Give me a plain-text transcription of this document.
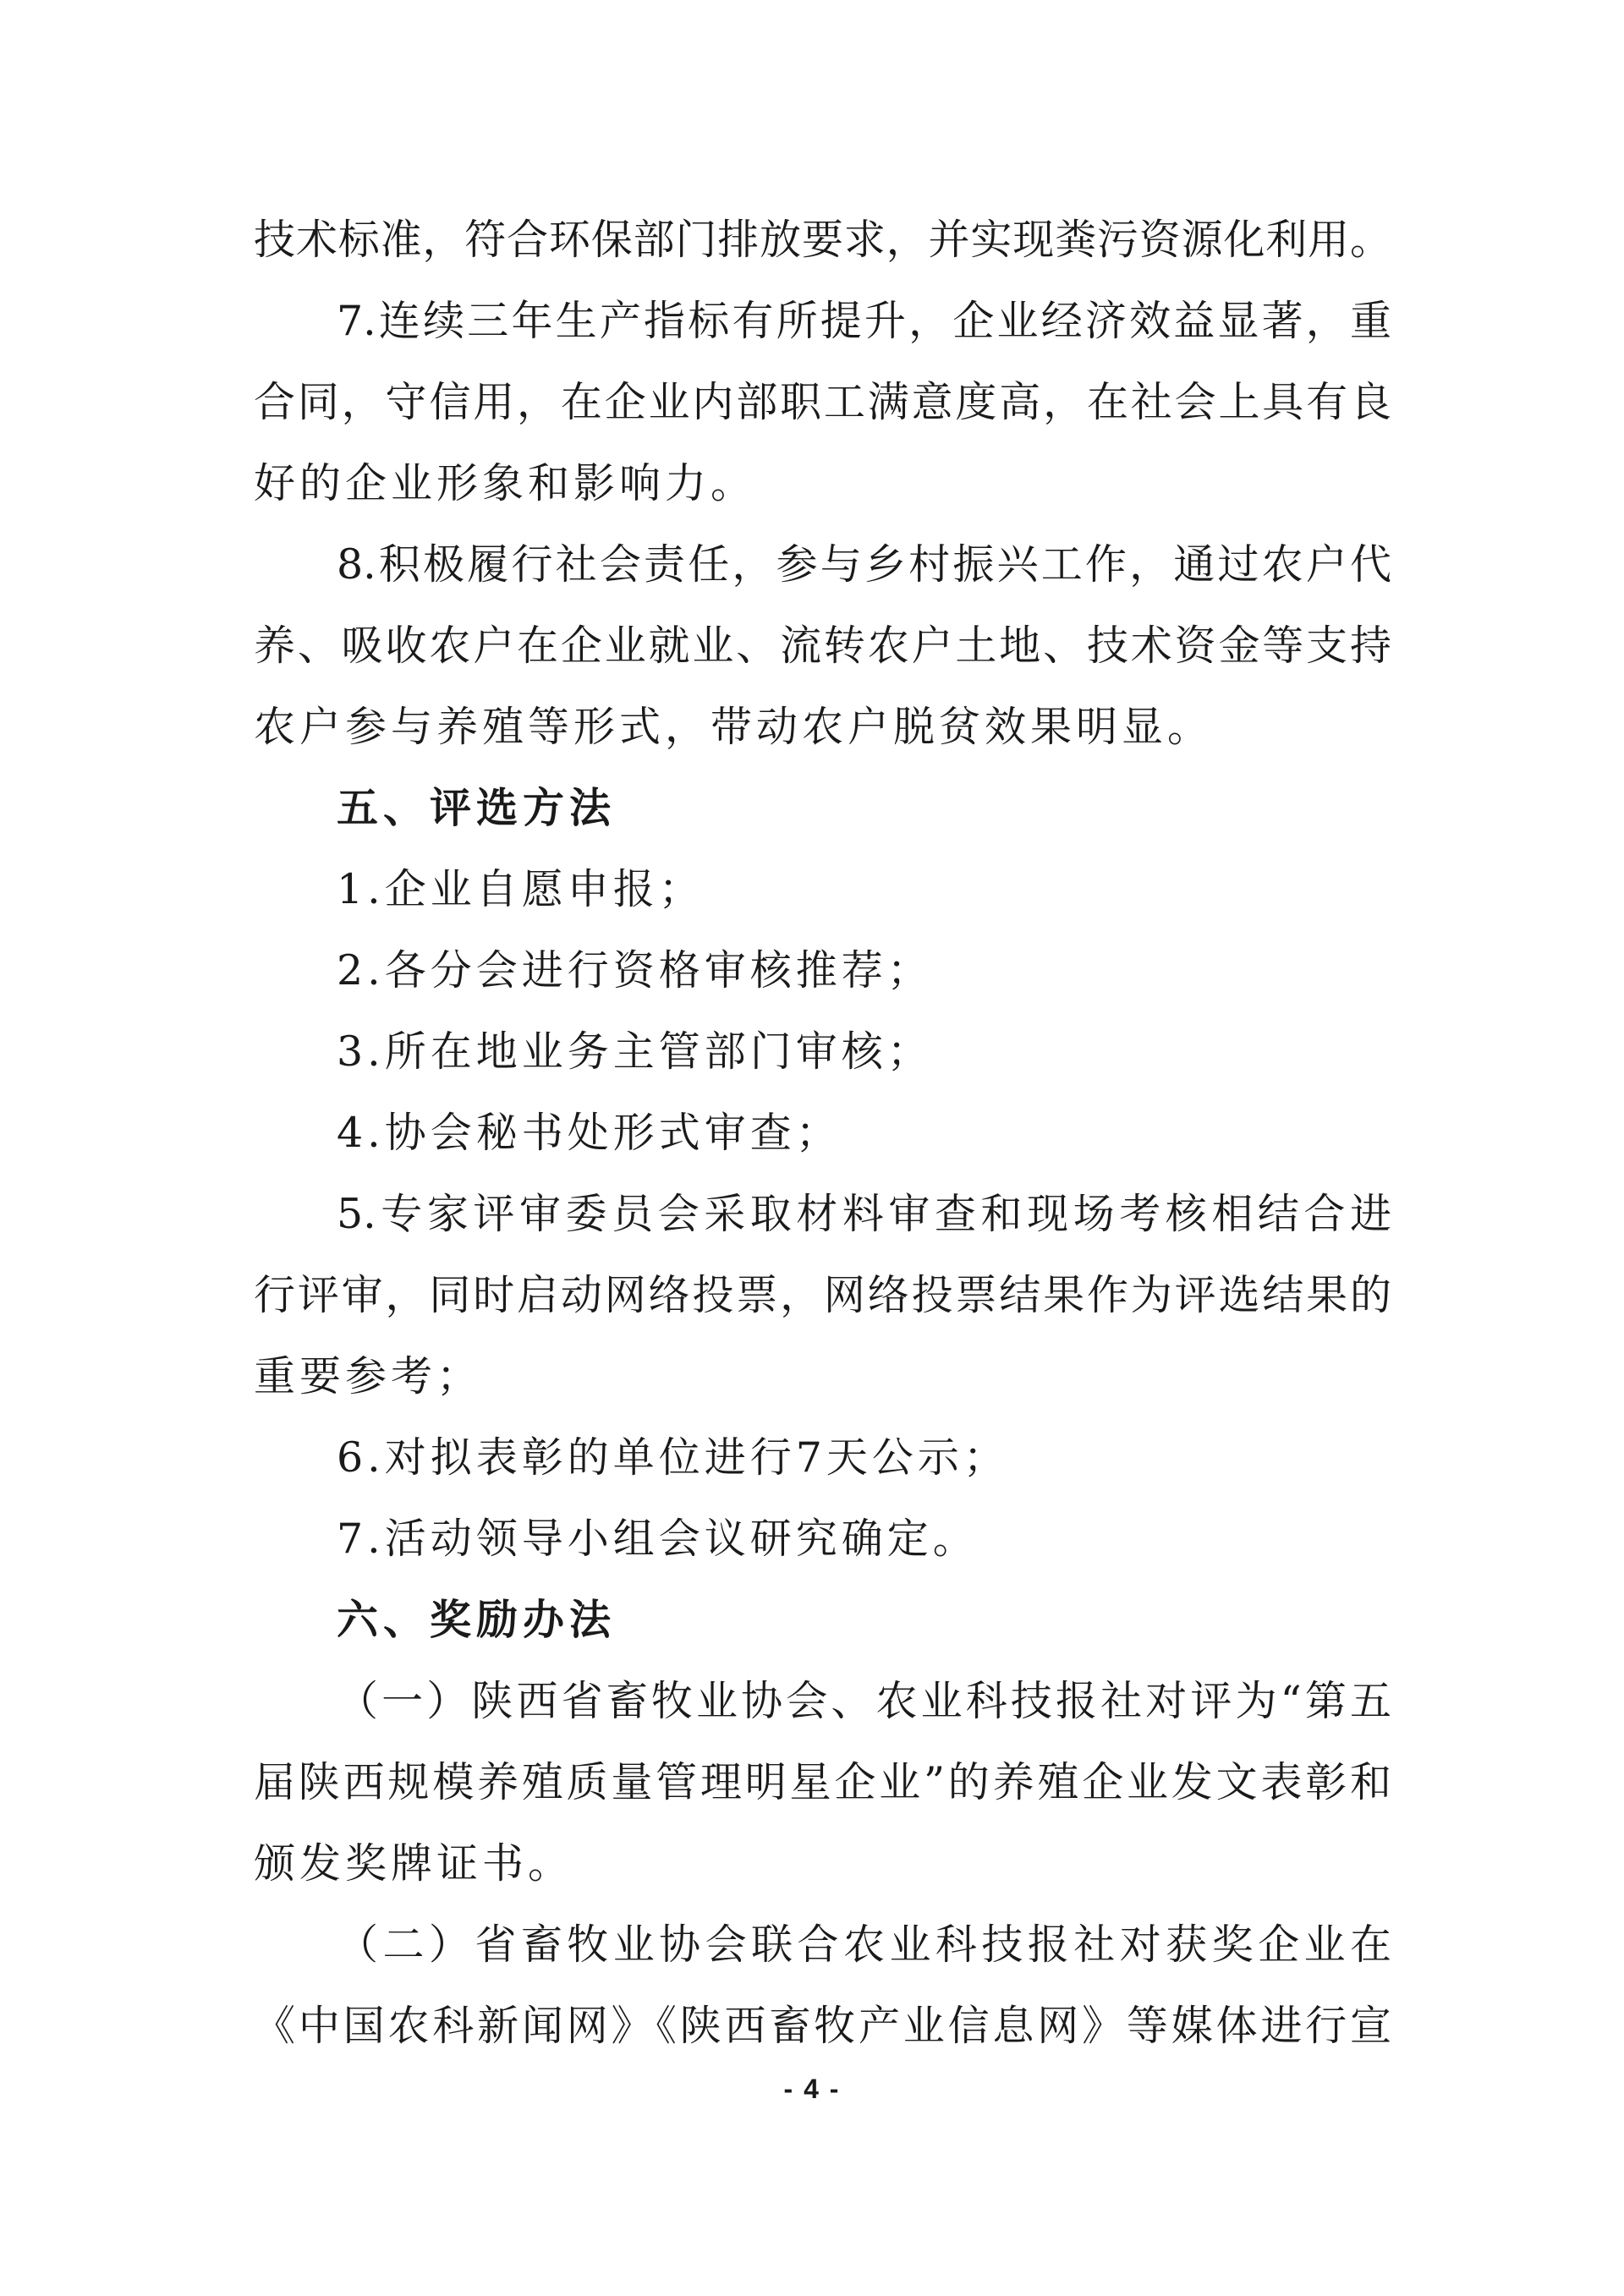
技术标准，符合环保部门排放要求，并实现粪污资源化利用。
7.连续三年生产指标有所提升，企业经济效益显著，重
合同，守信用，在企业内部职工满意度高，在社会上具有良
好的企业形象和影响力。
8.积极履行社会责任，参与乡村振兴工作，通过农户代
养、吸收农户在企业就业、流转农户土地、技术资金等支持
农户参与养殖等形式，带动农户脱贫效果明显。
五、评选方法
1.企业自愿申报；
2.各分会进行资格审核推荐；
3.所在地业务主管部门审核；
4.协会秘书处形式审查；
5.专家评审委员会采取材料审查和现场考核相结合进
行评审，同时启动网络投票，网络投票结果作为评选结果的
重要参考；
6.对拟表彰的单位进行7天公示；
7.活动领导小组会议研究确定。
六、奖励办法
（一）陕西省畜牧业协会、农业科技报社对评为“第五
届陕西规模养殖质量管理明星企业”的养殖企业发文表彰和
颁发奖牌证书。
（二）省畜牧业协会联合农业科技报社对获奖企业在
《中国农科新闻网》《陕西畜牧产业信息网》等媒体进行宣
- 4 -
